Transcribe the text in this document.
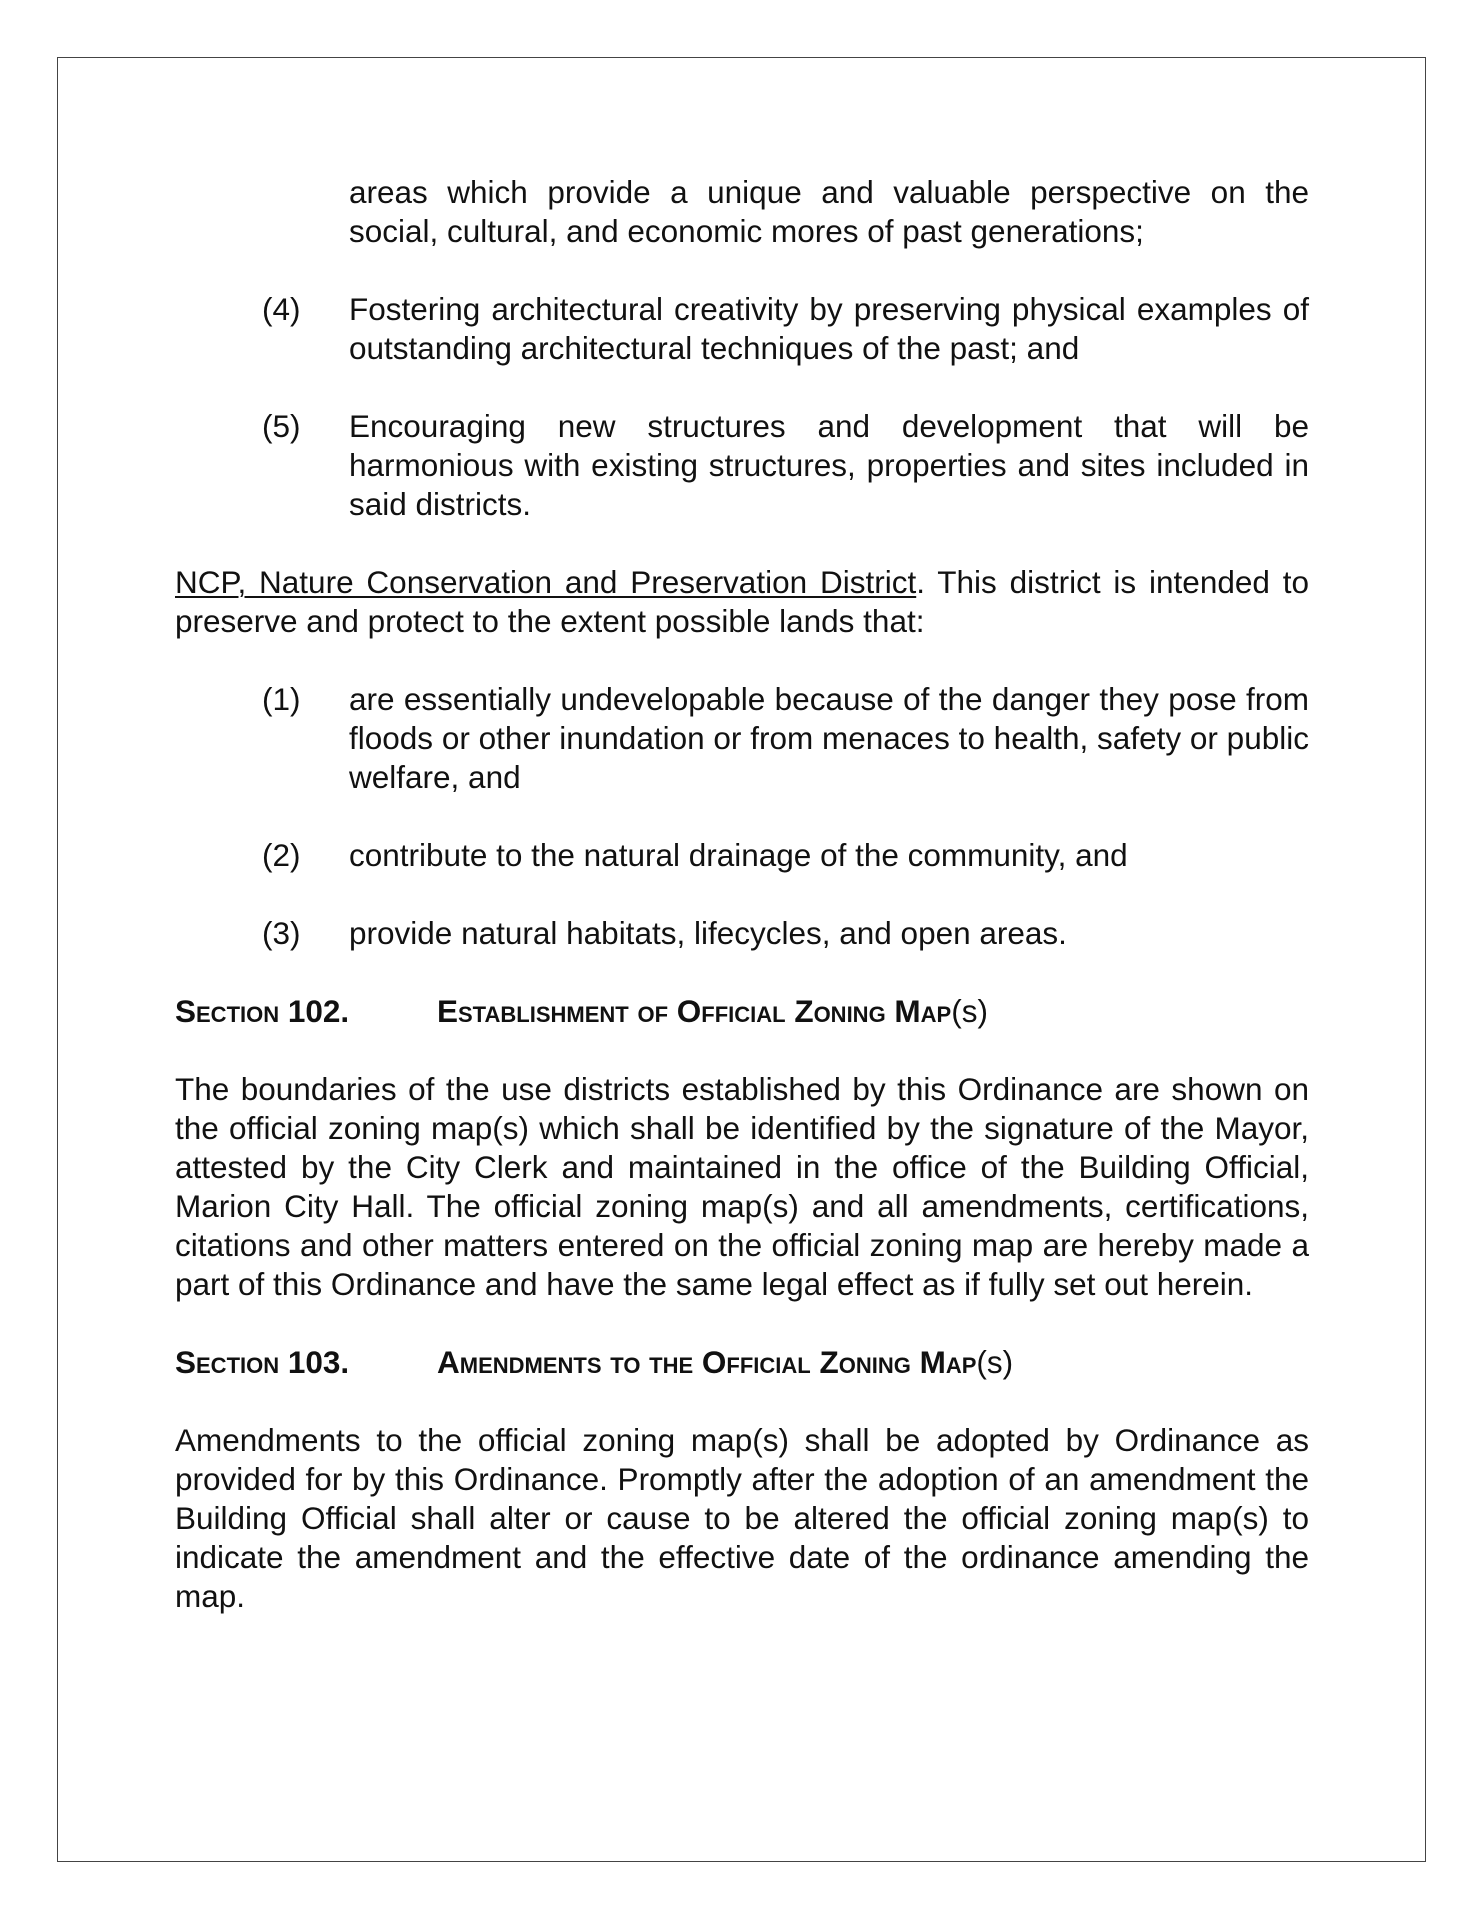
areas which provide a unique and valuable perspective on the social, cultural, and economic mores of past generations;
(4) Fostering architectural creativity by preserving physical examples of outstanding architectural techniques of the past; and
(5) Encouraging new structures and development that will be harmonious with existing structures, properties and sites included in said districts.

NCP, Nature Conservation and Preservation District. This district is intended to preserve and protect to the extent possible lands that:

(1) are essentially undevelopable because of the danger they pose from floods or other inundation or from menaces to health, safety or public welfare, and
(2) contribute to the natural drainage of the community, and
(3) provide natural habitats, lifecycles, and open areas.
Section 102.	Establishment of Official Zoning Map(s)

The boundaries of the use districts established by this Ordinance are shown on the official zoning map(s) which shall be identified by the signature of the Mayor, attested by the City Clerk and maintained in the office of the Building Official, Marion City Hall. The official zoning map(s) and all amendments, certifications, citations and other matters entered on the official zoning map are hereby made a part of this Ordinance and have the same legal effect as if fully set out herein.

Section 103.	Amendments to the Official Zoning Map(s)

Amendments to the official zoning map(s) shall be adopted by Ordinance as provided for by this Ordinance. Promptly after the adoption of an amendment the Building Official shall alter or cause to be altered the official zoning map(s) to indicate the amendment and the effective date of the ordinance amending the map.
